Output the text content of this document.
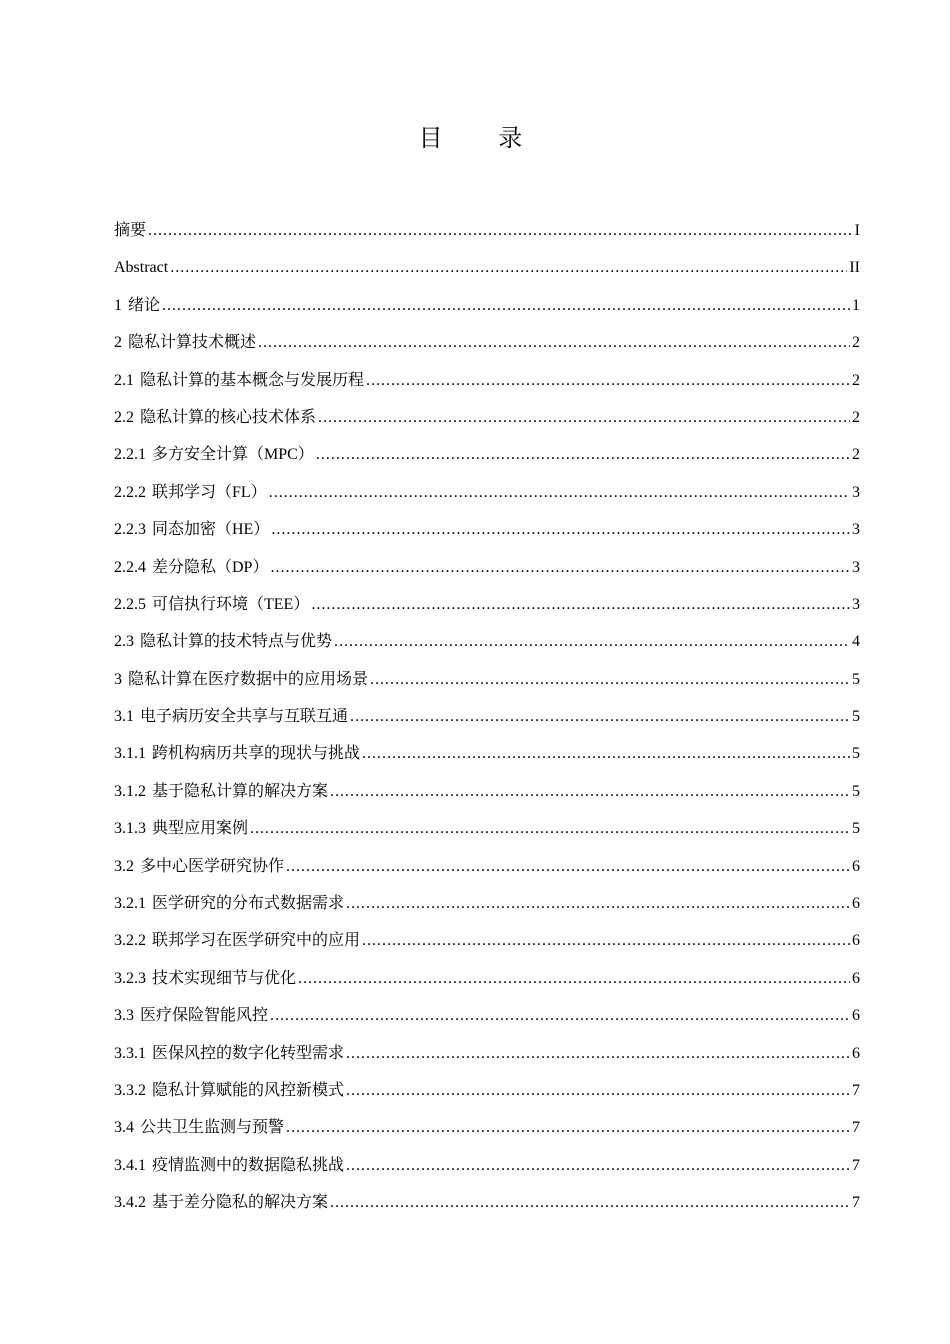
目 录
摘要 .....	I
Abstract .....	II
1 绪论 .....	1
2 隐私计算技术概述 .....	2
2.1 隐私计算的基本概念与发展历程 .....	2
2.2 隐私计算的核心技术体系 .....	2
2.2.1 多方安全计算（MPC） .....	2
2.2.2 联邦学习（FL） .....	3
2.2.3 同态加密（HE） .....	3
2.2.4 差分隐私（DP） .....	3
2.2.5 可信执行环境（TEE） .....	3
2.3 隐私计算的技术特点与优势 .....	4
3 隐私计算在医疗数据中的应用场景 .....	5
3.1 电子病历安全共享与互联互通 .....	5
3.1.1 跨机构病历共享的现状与挑战 .....	5
3.1.2 基于隐私计算的解决方案 .....	5
3.1.3 典型应用案例 .....	5
3.2 多中心医学研究协作 .....	6
3.2.1 医学研究的分布式数据需求 .....	6
3.2.2 联邦学习在医学研究中的应用 .....	6
3.2.3 技术实现细节与优化 .....	6
3.3 医疗保险智能风控 .....	6
3.3.1 医保风控的数字化转型需求 .....	6
3.3.2 隐私计算赋能的风控新模式 .....	7
3.4 公共卫生监测与预警 .....	7
3.4.1 疫情监测中的数据隐私挑战 .....	7
3.4.2 基于差分隐私的解决方案 .....	7
